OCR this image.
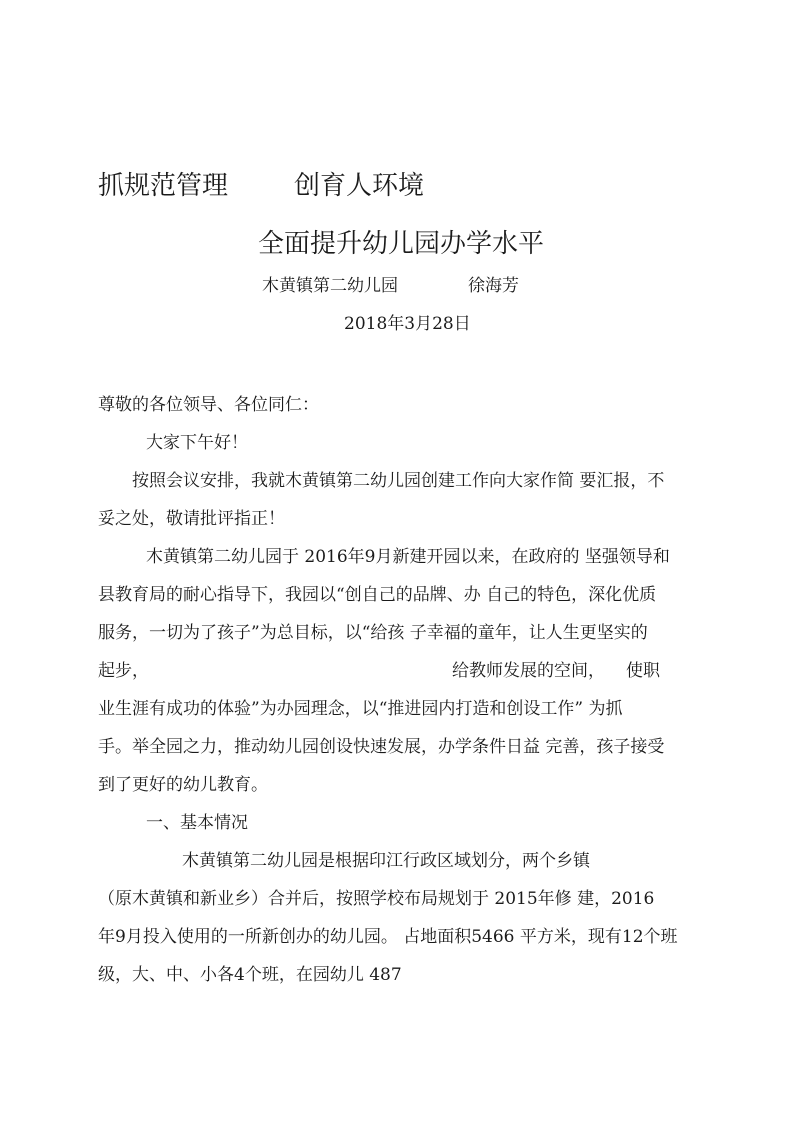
抓规范管理	创育人环境
全面提升幼儿园办学水平
木黄镇第二幼儿园	徐海芳
2018年3月28日
尊敬的各位领导、各位同仁：
大家下午好！
按照会议安排，我就木黄镇第二幼儿园创建工作向大家作简 要汇报，不
妥之处，敬请批评指正！
木黄镇第二幼儿园于 2016年9月新建开园以来，在政府的 坚强领导和
县教育局的耐心指导下，我园以“创自己的品牌、办 自己的特色，深化优质
服务，一切为了孩子”为总目标，以“给孩 子幸福的童年，让人生更坚实的
起步，	给教师发展的空间， 使职
业生涯有成功的体验”为办园理念，以“推进园内打造和创设工作” 为抓
手。举全园之力，推动幼儿园创设快速发展，办学条件日益 完善，孩子接受
到了更好的幼儿教育。
一、基本情况
木黄镇第二幼儿园是根据印江行政区域划分，两个乡镇
（原木黄镇和新业乡）合并后，按照学校布局规划于 2015年修 建，2016
年9月投入使用的一所新创办的幼儿园。 占地面积5466 平方米，现有12个班
级，大、中、小各4个班，在园幼儿 487
